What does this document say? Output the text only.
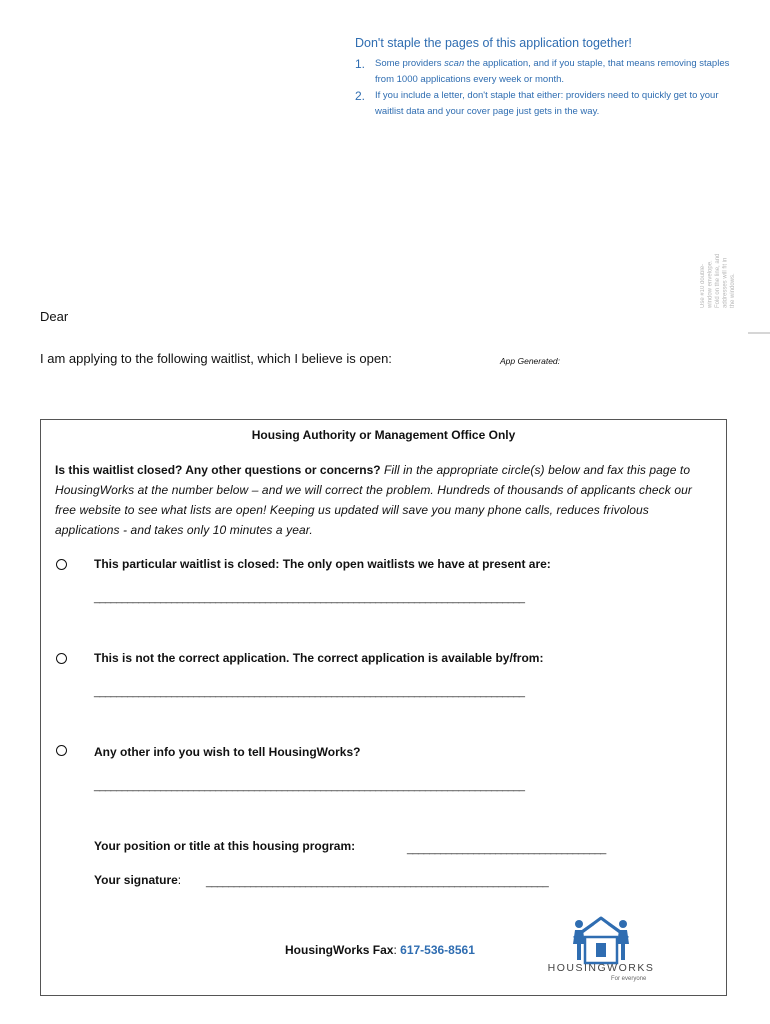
Don't staple the pages of this application together!
1.	Some providers scan the application, and if you staple, that means removing staples from 1000 applications every week or month.
2.	If you include a letter, don't staple that either: providers need to quickly get to your waitlist data and your cover page just gets in the way.
Use #10 double-window envelope. Fold on the line, and addresses will fit in the windows.
Dear
I am applying to the following waitlist, which I believe is open:	App Generated:
Housing Authority or Management Office Only
Is this waitlist closed? Any other questions or concerns? Fill in the appropriate circle(s) below and fax this page to HousingWorks at the number below – and we will correct the problem. Hundreds of thousands of applicants check our free website to see what lists are open! Keeping us updated will save you many phone calls, reduces frivolous applications - and takes only 10 minutes a year.
This particular waitlist is closed: The only open waitlists we have at present are:
______________________________________________________________________________
This is not the correct application. The correct application is available by/from:
______________________________________________________________________________
Any other info you wish to tell HousingWorks?
______________________________________________________________________________
Your position or title at this housing program:	____________________________________
Your signature: ______________________________________________________________
HousingWorks Fax: 617-536-8561
HOUSINGWORKS
For everyone
